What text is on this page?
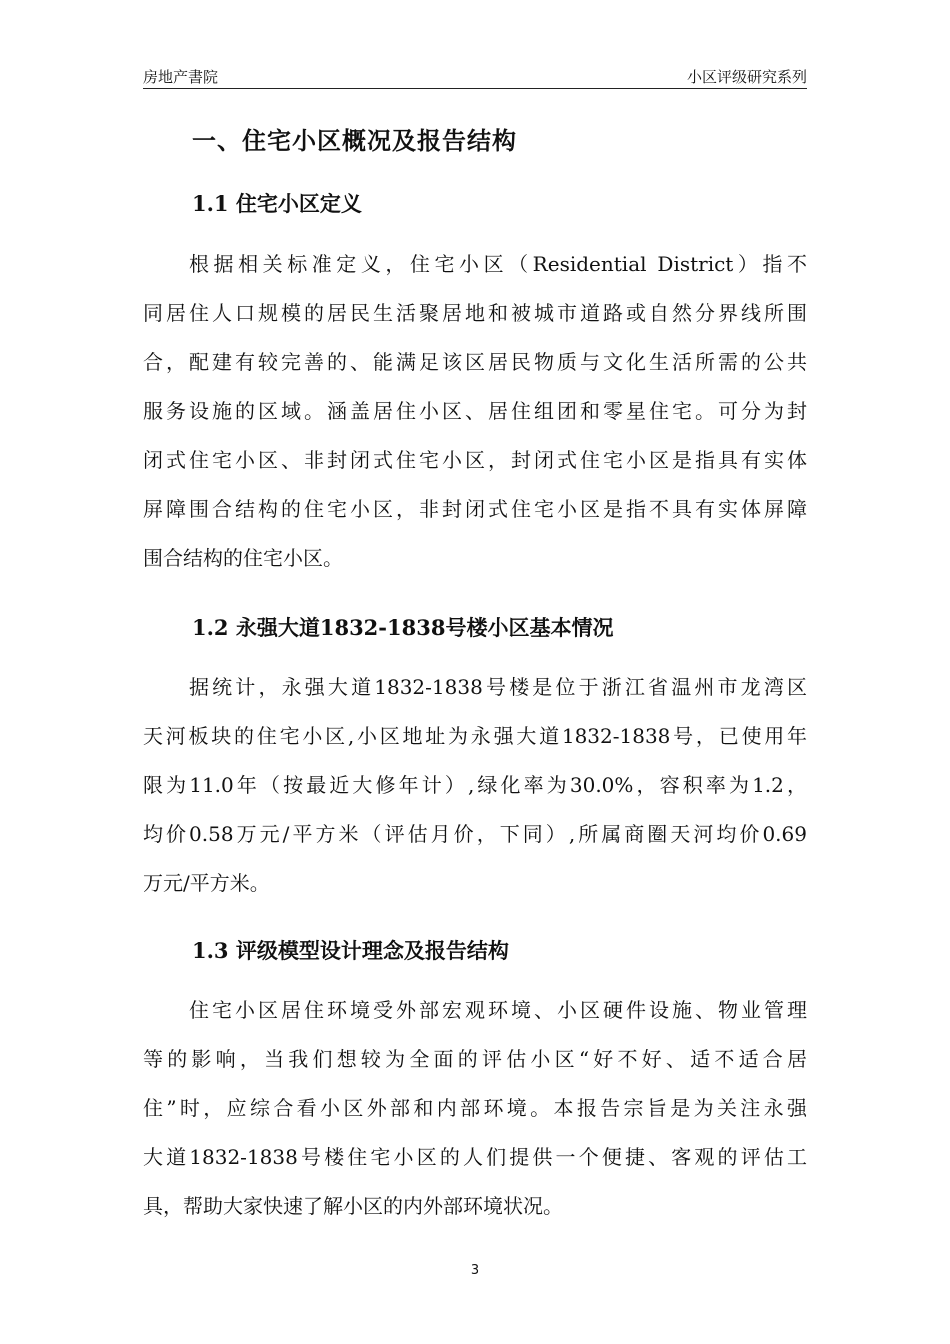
房地产書院	小区评级研究系列
一、住宅小区概况及报告结构
1.1 住宅小区定义
根据相关标准定义，住宅小区（Residential District）指不
同居住人口规模的居民生活聚居地和被城市道路或自然分界线所围
合，配建有较完善的、能满足该区居民物质与文化生活所需的公共
服务设施的区域。涵盖居住小区、居住组团和零星住宅。可分为封
闭式住宅小区、非封闭式住宅小区，封闭式住宅小区是指具有实体
屏障围合结构的住宅小区，非封闭式住宅小区是指不具有实体屏障
围合结构的住宅小区。
1.2 永强大道1832-1838号楼小区基本情况
据统计，永强大道1832-1838号楼是位于浙江省温州市龙湾区
天河板块的住宅小区,小区地址为永强大道1832-1838号，已使用年
限为11.0年（按最近大修年计）,绿化率为30.0%，容积率为1.2，
均价0.58万元/平方米（评估月价，下同）,所属商圈天河均价0.69
万元/平方米。
1.3 评级模型设计理念及报告结构
住宅小区居住环境受外部宏观环境、小区硬件设施、物业管理
等的影响，当我们想较为全面的评估小区“好不好、适不适合居
住”时，应综合看小区外部和内部环境。本报告宗旨是为关注永强
大道1832-1838号楼住宅小区的人们提供一个便捷、客观的评估工
具，帮助大家快速了解小区的内外部环境状况。
3
